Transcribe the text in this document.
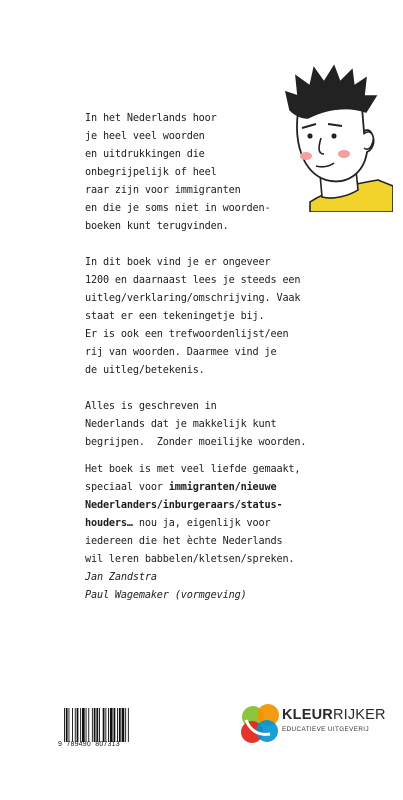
In het Nederlands hoor
je heel veel woorden
en uitdrukkingen die
onbegrijpelijk of heel
raar zijn voor immigranten
en die je soms niet in woorden-
boeken kunt terugvinden.
In dit boek vind je er ongeveer
1200 en daarnaast lees je steeds een
uitleg/verklaring/omschrijving. Vaak
staat er een tekeningetje bij.
Er is ook een trefwoordenlijst/een
rij van woorden. Daarmee vind je
de uitleg/betekenis.
Alles is geschreven in
Nederlands dat je makkelijk kunt
begrijpen.  Zonder moeilijke woorden.
Het boek is met veel liefde gemaakt,
speciaal voor immigranten/nieuwe
Nederlanders/inburgeraars/status-
houders… nou ja, eigenlijk voor
iedereen die het èchte Nederlands
wil leren babbelen/kletsen/spreken.
Jan Zandstra
Paul Wagemaker (vormgeving)
9  789490  807313
KLEURRIJKER
EDUCATIEVE UITGEVERIJ
